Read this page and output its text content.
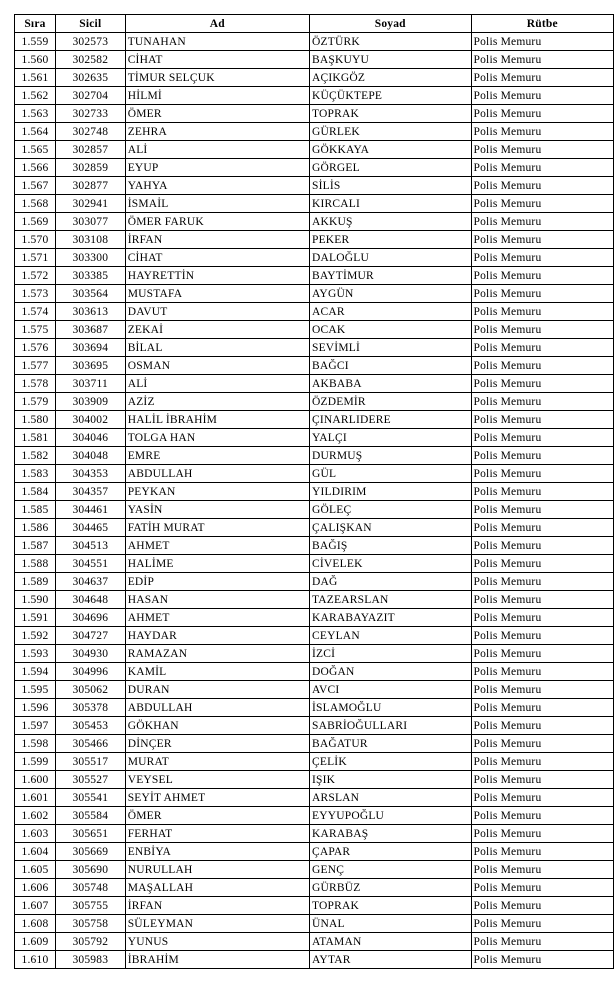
Sıra	Sicil	Ad	Soyad	Rütbe
1.559	302573	TUNAHAN	ÖZTÜRK	Polis Memuru
1.560	302582	CİHAT	BAŞKUYU	Polis Memuru
1.561	302635	TİMUR SELÇUK	AÇIKGÖZ	Polis Memuru
1.562	302704	HİLMİ	KÜÇÜKTEPE	Polis Memuru
1.563	302733	ÖMER	TOPRAK	Polis Memuru
1.564	302748	ZEHRA	GÜRLEK	Polis Memuru
1.565	302857	ALİ	GÖKKAYA	Polis Memuru
1.566	302859	EYUP	GÖRGEL	Polis Memuru
1.567	302877	YAHYA	SİLİS	Polis Memuru
1.568	302941	İSMAİL	KIRCALI	Polis Memuru
1.569	303077	ÖMER FARUK	AKKUŞ	Polis Memuru
1.570	303108	İRFAN	PEKER	Polis Memuru
1.571	303300	CİHAT	DALOĞLU	Polis Memuru
1.572	303385	HAYRETTİN	BAYTİMUR	Polis Memuru
1.573	303564	MUSTAFA	AYGÜN	Polis Memuru
1.574	303613	DAVUT	ACAR	Polis Memuru
1.575	303687	ZEKAİ	OCAK	Polis Memuru
1.576	303694	BİLAL	SEVİMLİ	Polis Memuru
1.577	303695	OSMAN	BAĞCI	Polis Memuru
1.578	303711	ALİ	AKBABA	Polis Memuru
1.579	303909	AZİZ	ÖZDEMİR	Polis Memuru
1.580	304002	HALİL İBRAHİM	ÇINARLIDERE	Polis Memuru
1.581	304046	TOLGA HAN	YALÇI	Polis Memuru
1.582	304048	EMRE	DURMUŞ	Polis Memuru
1.583	304353	ABDULLAH	GÜL	Polis Memuru
1.584	304357	PEYKAN	YILDIRIM	Polis Memuru
1.585	304461	YASİN	GÖLEÇ	Polis Memuru
1.586	304465	FATİH MURAT	ÇALIŞKAN	Polis Memuru
1.587	304513	AHMET	BAĞIŞ	Polis Memuru
1.588	304551	HALİME	CİVELEK	Polis Memuru
1.589	304637	EDİP	DAĞ	Polis Memuru
1.590	304648	HASAN	TAZEARSLAN	Polis Memuru
1.591	304696	AHMET	KARABAYAZIT	Polis Memuru
1.592	304727	HAYDAR	CEYLAN	Polis Memuru
1.593	304930	RAMAZAN	İZCİ	Polis Memuru
1.594	304996	KAMİL	DOĞAN	Polis Memuru
1.595	305062	DURAN	AVCI	Polis Memuru
1.596	305378	ABDULLAH	İSLAMOĞLU	Polis Memuru
1.597	305453	GÖKHAN	SABRİOĞULLARI	Polis Memuru
1.598	305466	DİNÇER	BAĞATUR	Polis Memuru
1.599	305517	MURAT	ÇELİK	Polis Memuru
1.600	305527	VEYSEL	IŞIK	Polis Memuru
1.601	305541	SEYİT AHMET	ARSLAN	Polis Memuru
1.602	305584	ÖMER	EYYUPOĞLU	Polis Memuru
1.603	305651	FERHAT	KARABAŞ	Polis Memuru
1.604	305669	ENBİYA	ÇAPAR	Polis Memuru
1.605	305690	NURULLAH	GENÇ	Polis Memuru
1.606	305748	MAŞALLAH	GÜRBÜZ	Polis Memuru
1.607	305755	İRFAN	TOPRAK	Polis Memuru
1.608	305758	SÜLEYMAN	ÜNAL	Polis Memuru
1.609	305792	YUNUS	ATAMAN	Polis Memuru
1.610	305983	İBRAHİM	AYTAR	Polis Memuru
